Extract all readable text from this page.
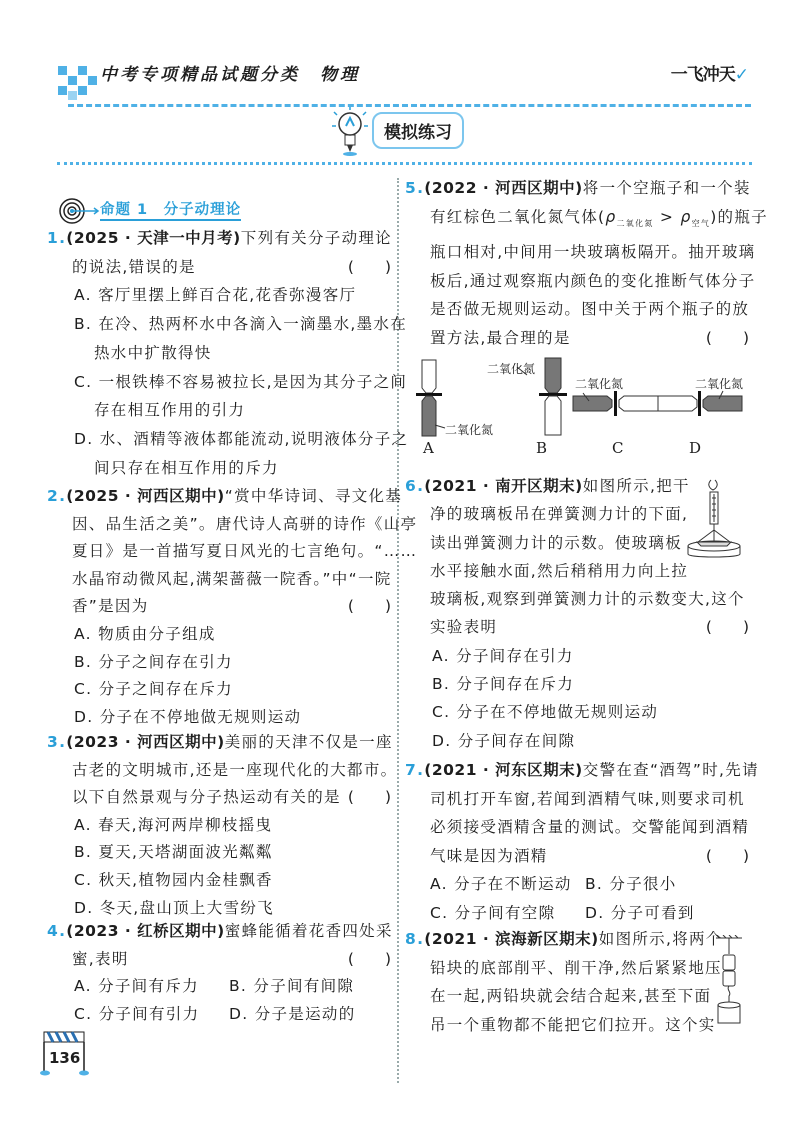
中考专项精品试题分类　物理	一飞冲天✓
模拟练习
命题 1　分子动理论
1.(2025 · 天津一中月考)下列有关分子动理论
的说法,错误的是	(　　)
A. 客厅里摆上鲜百合花,花香弥漫客厅
B. 在冷、热两杯水中各滴入一滴墨水,墨水在
热水中扩散得快
C. 一根铁棒不容易被拉长,是因为其分子之间
存在相互作用的引力
D. 水、酒精等液体都能流动,说明液体分子之
间只存在相互作用的斥力
2.(2025 · 河西区期中)“赏中华诗词、寻文化基
因、品生活之美”。唐代诗人高骈的诗作《山亭
夏日》是一首描写夏日风光的七言绝句。“……
水晶帘动微风起,满架蔷薇一院香。”中“一院
香”是因为	(　　)
A. 物质由分子组成
B. 分子之间存在引力
C. 分子之间存在斥力
D. 分子在不停地做无规则运动
3.(2023 · 河西区期中)美丽的天津不仅是一座
古老的文明城市,还是一座现代化的大都市。
以下自然景观与分子热运动有关的是 (　　)
A. 春天,海河两岸柳枝摇曳
B. 夏天,天塔湖面波光粼粼
C. 秋天,植物园内金桂飘香
D. 冬天,盘山顶上大雪纷飞
4.(2023 · 红桥区期中)蜜蜂能循着花香四处采
蜜,表明	(　　)
A. 分子间有斥力 B. 分子间有间隙
C. 分子间有引力 D. 分子是运动的
136
5.(2022 · 河西区期中)将一个空瓶子和一个装
有红棕色二氧化氮气体$(\rho_{二氧化氮} > \rho_{空气})$的瓶子
瓶口相对,中间用一块玻璃板隔开。抽开玻璃
板后,通过观察瓶内颜色的变化推断气体分子
是否做无规则运动。图中关于两个瓶子的放
置方法,最合理的是	(　　)
二氧化氮
二氧化氮
二氧化氮	二氧化氮
A	B	C	D
6.(2021 · 南开区期末)如图所示,把干
净的玻璃板吊在弹簧测力计的下面,
读出弹簧测力计的示数。使玻璃板
水平接触水面,然后稍稍用力向上拉
玻璃板,观察到弹簧测力计的示数变大,这个
实验表明	(　　)
A. 分子间存在引力
B. 分子间存在斥力
C. 分子在不停地做无规则运动
D. 分子间存在间隙
7.(2021 · 河东区期末)交警在查“酒驾”时,先请
司机打开车窗,若闻到酒精气味,则要求司机
必须接受酒精含量的测试。交警能闻到酒精
气味是因为酒精	(　　)
A. 分子在不断运动 B. 分子很小
C. 分子间有空隙 D. 分子可看到
8.(2021 · 滨海新区期末)如图所示,将两个
铅块的底部削平、削干净,然后紧紧地压
在一起,两铅块就会结合起来,甚至下面
吊一个重物都不能把它们拉开。这个实
